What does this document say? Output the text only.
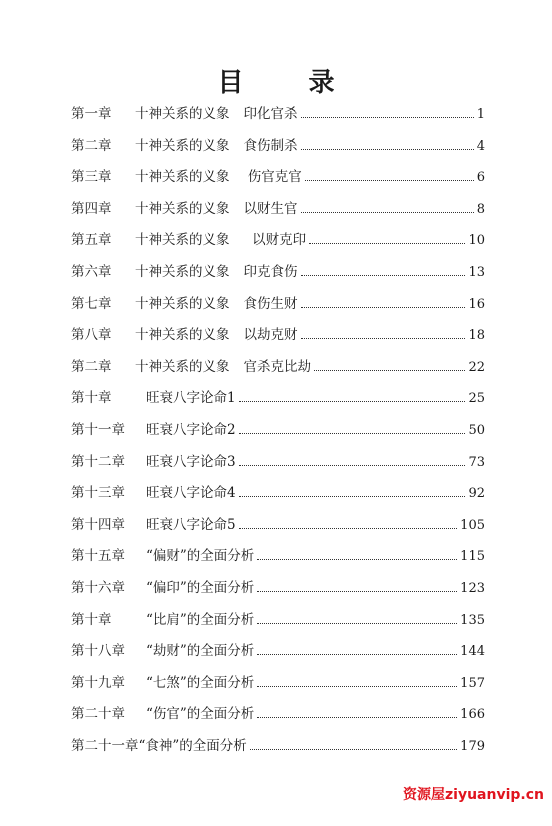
目 录
第一章	十神关系的义象 印化官杀	1
第二章	十神关系的义象 食伤制杀	4
第三章	十神关系的义象 伤官克官	6
第四章	十神关系的义象 以财生官	8
第五章	十神关系的义象 以财克印	10
第六章	十神关系的义象 印克食伤	13
第七章	十神关系的义象 食伤生财	16
第八章	十神关系的义象 以劫克财	18
第二章	十神关系的义象 官杀克比劫	22
第十章	旺衰八字论命 1	25
第十一章	旺衰八字论命 2	50
第十二章	旺衰八字论命 3	73
第十三章	旺衰八字论命 4	92
第十四章	旺衰八字论命 5	105
第十五章	“偏财”的全面分析	115
第十六章	“偏印”的全面分析	123
第十章	“比肩”的全面分析	135
第十八章	“劫财”的全面分析	144
第十九章	“七煞”的全面分析	157
第二十章	“伤官”的全面分析	166
第二十一章 “食神”的全面分析	179
资源屋ziyuanvip.cn
